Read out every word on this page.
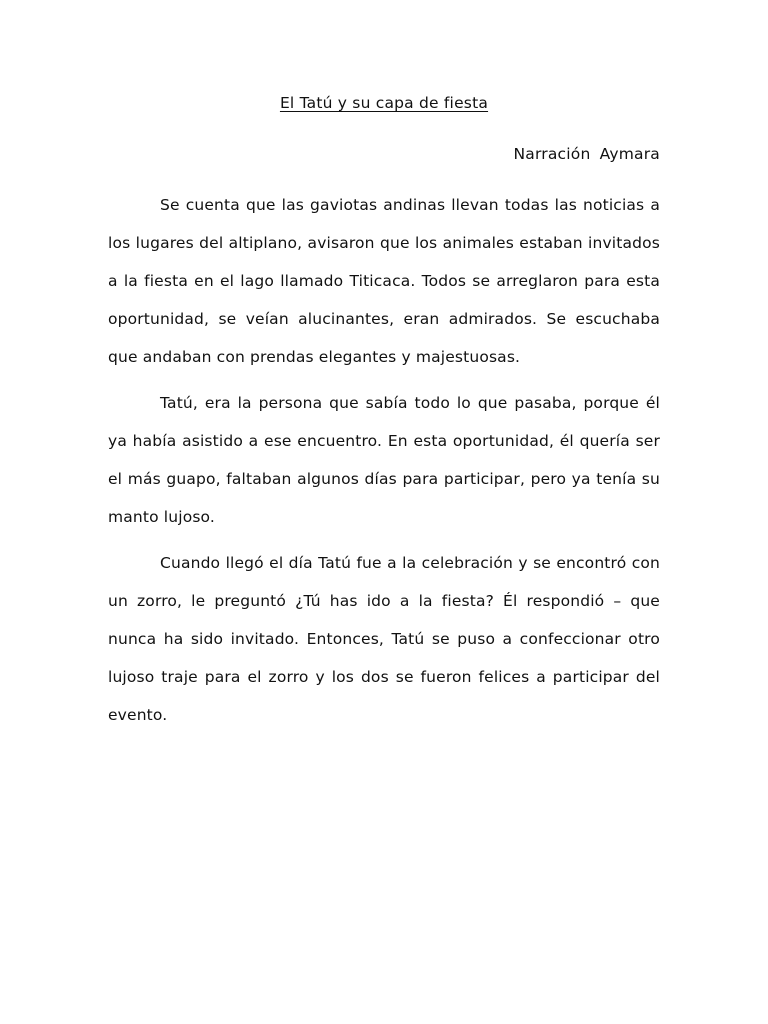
El Tatú y su capa de fiesta
Narración Aymara

Se cuenta que las gaviotas andinas llevan todas las noticias a los lugares del altiplano, avisaron que los animales estaban invitados a la fiesta en el lago llamado Titicaca. Todos se arreglaron para esta oportunidad, se veían alucinantes, eran admirados. Se escuchaba que andaban con prendas elegantes y majestuosas.

Tatú, era la persona que sabía todo lo que pasaba, porque él ya había asistido a ese encuentro. En esta oportunidad, él quería ser el más guapo, faltaban algunos días para participar, pero ya tenía su manto lujoso.

Cuando llegó el día Tatú fue a la celebración y se encontró con un zorro, le preguntó ¿Tú has ido a la fiesta? Él respondió – que nunca ha sido invitado. Entonces, Tatú se puso a confeccionar otro lujoso traje para el zorro y los dos se fueron felices a participar del evento.
